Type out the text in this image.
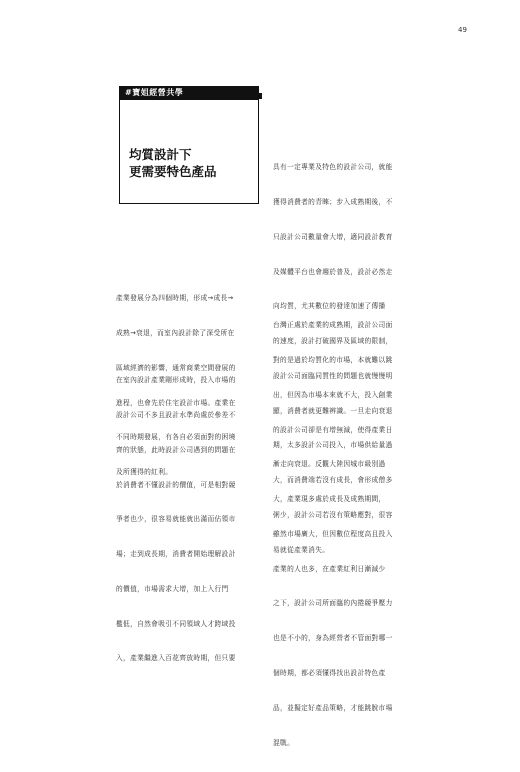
49
#寶姐經營共學
均質設計下
更需要特色產品

產業發展分為四個時期，形成→成長→

成熟→衰退，而室內設計除了深受所在

區域經濟的影響，通常商業空間發展的

進程，也會先於住宅設計市場。產業在

不同時期發展，有各自必須面對的困境

及所獲得的紅利。

在室內設計產業剛形成時，投入市場的

設計公司不多且設計水準尚處於參差不

齊的狀態，此時設計公司遇到的問題在

於消費者不懂設計的價值，可是相對競

爭者也少，很容易就能就出滿而佔領市

場；走到成長期，消費者開始理解設計

的價值，市場需求大增，加上入行門

檻低，自然會吸引不同領域人才跨域投

入，產業繼進入百花齊放時期，但只要

具有一定專業及特色的設計公司，就能

獲得消費者的青睞；步入成熟期後，不

只設計公司數量會大增，適同設計教育

及媒體平台也會趨於普及，設計必然走

向均質，尤其數位的發達加速了傳播

的速度，設計打破國界及區域的限制，

設計公司面臨同質性的問題也就慢慢明

顯，消費者就更難辨識。一旦走向衰退

期，太多設計公司投入，市場供給量過

大，而消費端若沒有成長，會形成僧多

粥少，設計公司若沒有策略應對，很容

易就從產業消失。

台灣正處於產業的成熟期，設計公司面

對的是過於均質化的市場，本就難以跳

出，但因為市場本來就不大，投入創業

的設計公司卻是有增無減，使得產業日

漸走向衰退。反觀大陸因城市級別過

大，產業現多處於成長及成熟期間，

雖然市場廣大，但因數位程度高且投入

產業的人也多，在產業紅利日漸減少

之下，設計公司所面臨的內捲競爭壓力

也是不小的，身為經營者不管面對哪一

個時期，都必須懂得找出設計特色產

品，並擬定好產品策略，才能跳脫市場

混戰。
